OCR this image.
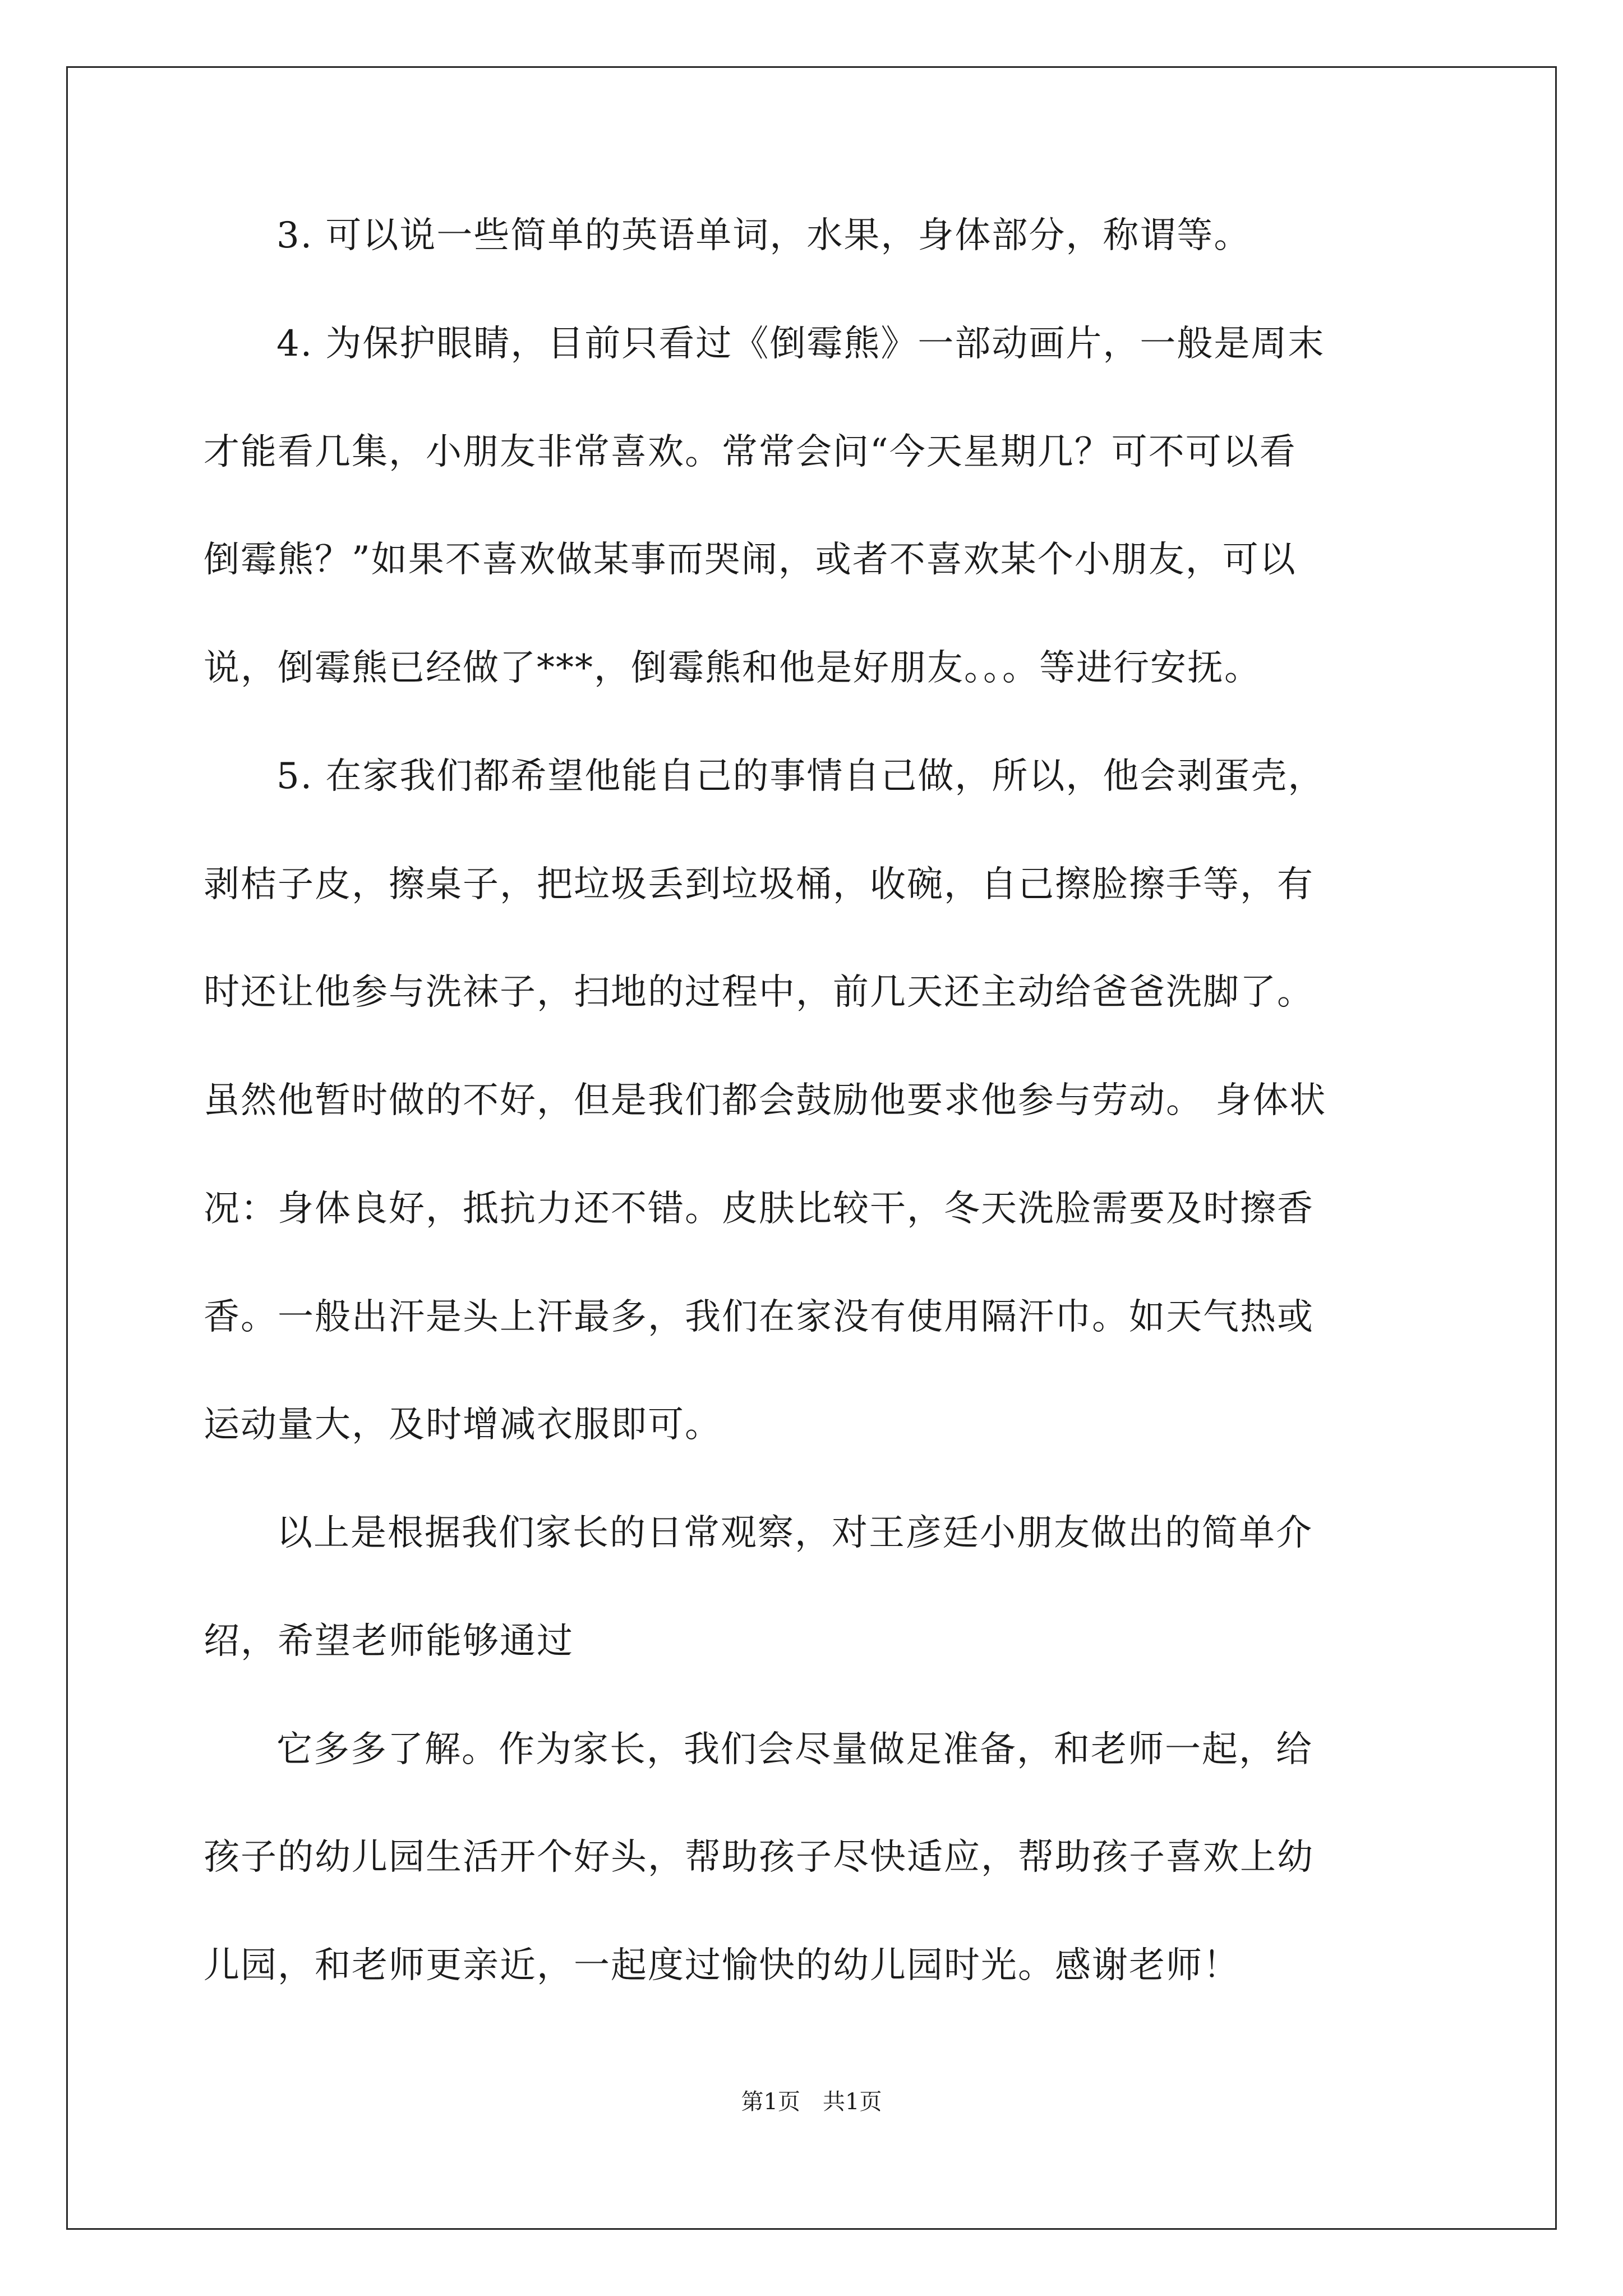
3. 可以说一些简单的英语单词，水果，身体部分，称谓等。
4. 为保护眼睛，目前只看过《倒霉熊》一部动画片，一般是周末
才能看几集，小朋友非常喜欢。常常会问“今天星期几？可不可以看
倒霉熊？”如果不喜欢做某事而哭闹，或者不喜欢某个小朋友，可以
说，倒霉熊已经做了***，倒霉熊和他是好朋友。。。等进行安抚。
5. 在家我们都希望他能自己的事情自己做，所以，他会剥蛋壳，
剥桔子皮，擦桌子，把垃圾丢到垃圾桶，收碗，自己擦脸擦手等，有
时还让他参与洗袜子，扫地的过程中，前几天还主动给爸爸洗脚了。
虽然他暂时做的不好，但是我们都会鼓励他要求他参与劳动。 身体状
况：身体良好，抵抗力还不错。皮肤比较干，冬天洗脸需要及时擦香
香。一般出汗是头上汗最多，我们在家没有使用隔汗巾。如天气热或
运动量大，及时增减衣服即可。
以上是根据我们家长的日常观察，对王彦廷小朋友做出的简单介
绍，希望老师能够通过
它多多了解。作为家长，我们会尽量做足准备，和老师一起，给
孩子的幼儿园生活开个好头，帮助孩子尽快适应，帮助孩子喜欢上幼
儿园，和老师更亲近，一起度过愉快的幼儿园时光。感谢老师！
第1页 共1页
